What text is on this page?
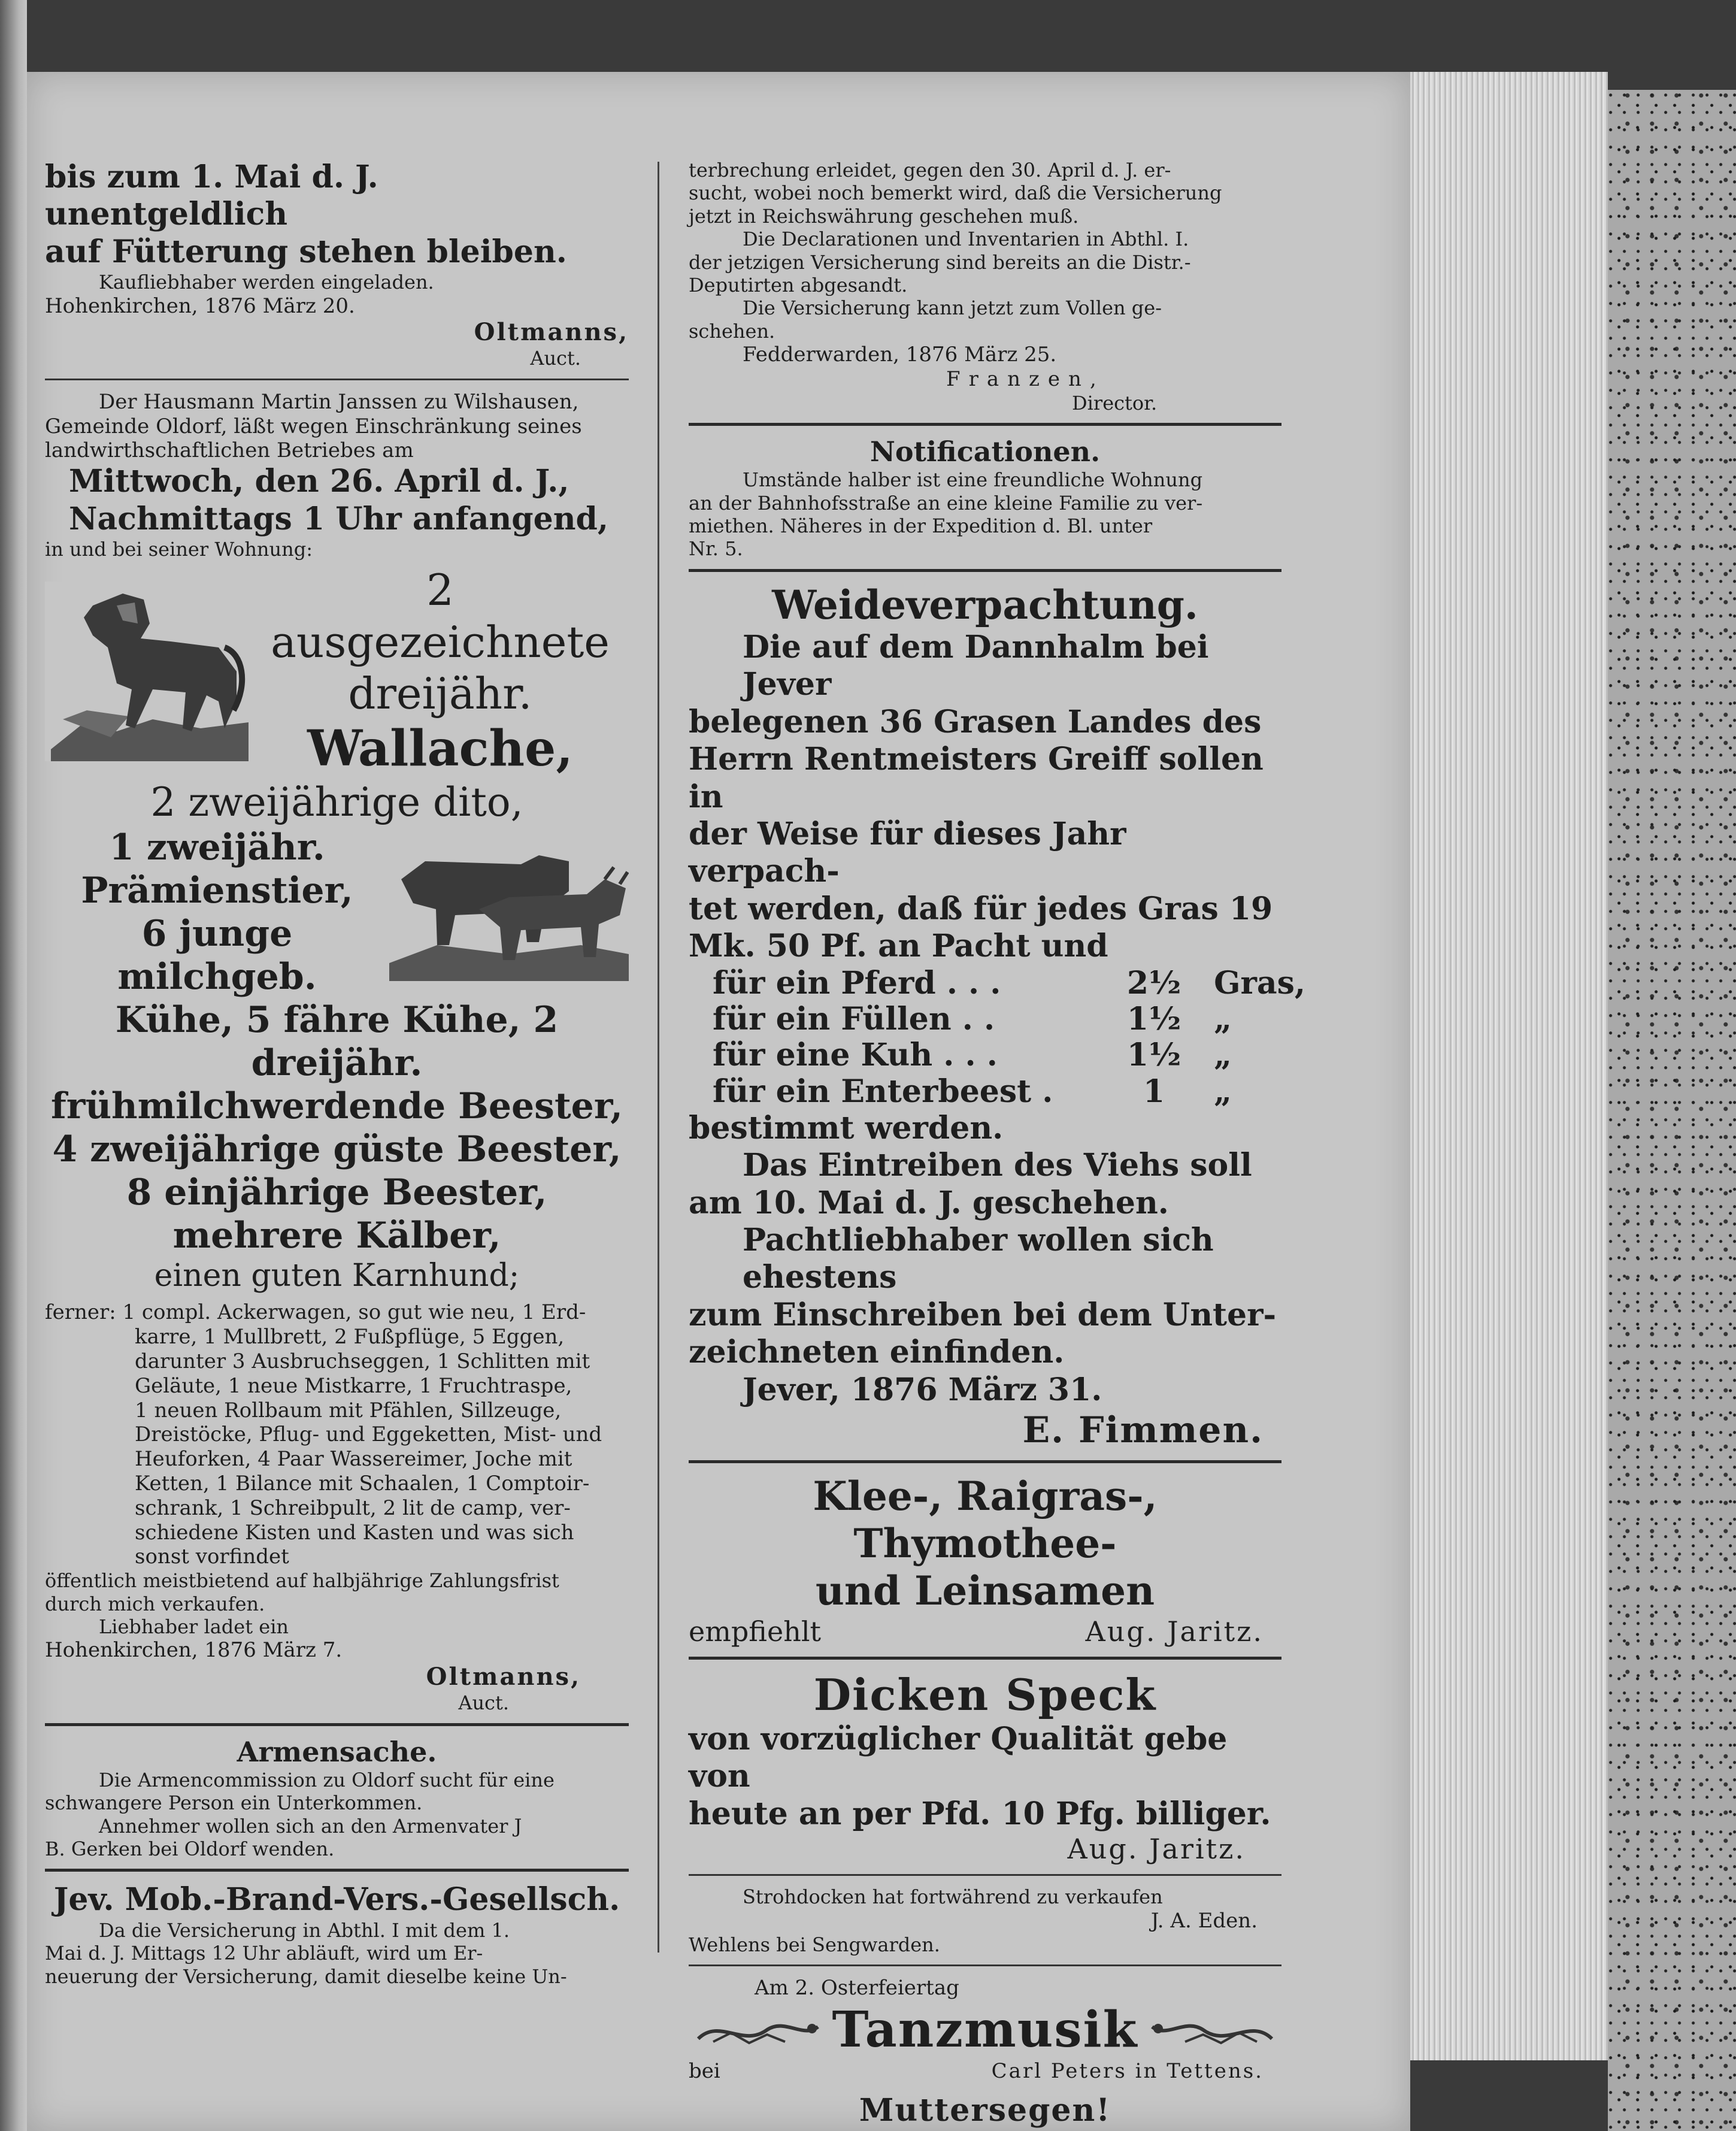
bis zum 1. Mai d. J. unentgeldlich

auf Fütterung stehen bleiben.

Kaufliebhaber werden eingeladen.

Hohenkirchen, 1876 März 20.

Oltmanns,

Auct.

Der Hausmann Martin Janssen zu Wilshausen,

Gemeinde Oldorf, läßt wegen Einschränkung seines

landwirthschaftlichen Betriebes am

Mittwoch, den 26. April d. J.,

Nachmittags 1 Uhr anfangend,

in und bei seiner Wohnung:

2 ausgezeichnete

dreijähr.

Wallache,

2 zweijährige dito,

1 zweijähr.

Prämienstier,

6 junge milchgeb.

Kühe, 5 fähre Kühe, 2 dreijähr.

frühmilchwerdende Beester,

4 zweijährige güste Beester,

8 einjährige Beester,

mehrere Kälber,

einen guten Karnhund;

ferner: 1 compl. Ackerwagen, so gut wie neu, 1 Erd-

karre, 1 Mullbrett, 2 Fußpflüge, 5 Eggen,

darunter 3 Ausbruchseggen, 1 Schlitten mit

Geläute, 1 neue Mistkarre, 1 Fruchtraspe,

1 neuen Rollbaum mit Pfählen, Sillzeuge,

Dreistöcke, Pflug- und Eggeketten, Mist- und

Heuforken, 4 Paar Wassereimer, Joche mit

Ketten, 1 Bilance mit Schaalen, 1 Comptoir-

schrank, 1 Schreibpult, 2 lit de camp, ver-

schiedene Kisten und Kasten und was sich

sonst vorfindet

öffentlich meistbietend auf halbjährige Zahlungsfrist

durch mich verkaufen.

Liebhaber ladet ein

Hohenkirchen, 1876 März 7.

Oltmanns,

Auct.

Armensache.

Die Armencommission zu Oldorf sucht für eine

schwangere Person ein Unterkommen.

Annehmer wollen sich an den Armenvater J

B. Gerken bei Oldorf wenden.

Jev. Mob.-Brand-Vers.-Gesellsch.

Da die Versicherung in Abthl. I mit dem 1.

Mai d. J. Mittags 12 Uhr abläuft, wird um Er-

neuerung der Versicherung, damit dieselbe keine Un-

terbrechung erleidet, gegen den 30. April d. J. er-

sucht, wobei noch bemerkt wird, daß die Versicherung

jetzt in Reichswährung geschehen muß.

Die Declarationen und Inventarien in Abthl. I.

der jetzigen Versicherung sind bereits an die Distr.-

Deputirten abgesandt.

Die Versicherung kann jetzt zum Vollen ge-

schehen.

Fedderwarden, 1876 März 25.

Franzen,

Director.

Notificationen.

Umstände halber ist eine freundliche Wohnung

an der Bahnhofsstraße an eine kleine Familie zu ver-

miethen. Näheres in der Expedition d. Bl. unter

Nr. 5.

Weideverpachtung.

Die auf dem Dannhalm bei Jever

belegenen 36 Grasen Landes des

Herrn Rentmeisters Greiff sollen in

der Weise für dieses Jahr verpach-

tet werden, daß für jedes Gras 19

Mk. 50 Pf. an Pacht und

für ein Pferd . . .	2½	Gras,
für ein Füllen . .	1½	„
für eine Kuh . . .	1½	„
für ein Enterbeest .	1	„

bestimmt werden.

Das Eintreiben des Viehs soll

am 10. Mai d. J. geschehen.

Pachtliebhaber wollen sich ehestens

zum Einschreiben bei dem Unter-

zeichneten einfinden.

Jever, 1876 März 31.

E. Fimmen.

Klee-, Raigras-, Thymothee-

und Leinsamen

empfiehlt	Aug. Jaritz.

Dicken Speck

von vorzüglicher Qualität gebe von

heute an per Pfd. 10 Pfg. billiger.

Aug. Jaritz.

Strohdocken hat fortwährend zu verkaufen

J. A. Eden.

Wehlens bei Sengwarden.

Am 2. Osterfeiertag

Tanzmusik
bei	Carl Peters in Tettens.

Muttersegen!
